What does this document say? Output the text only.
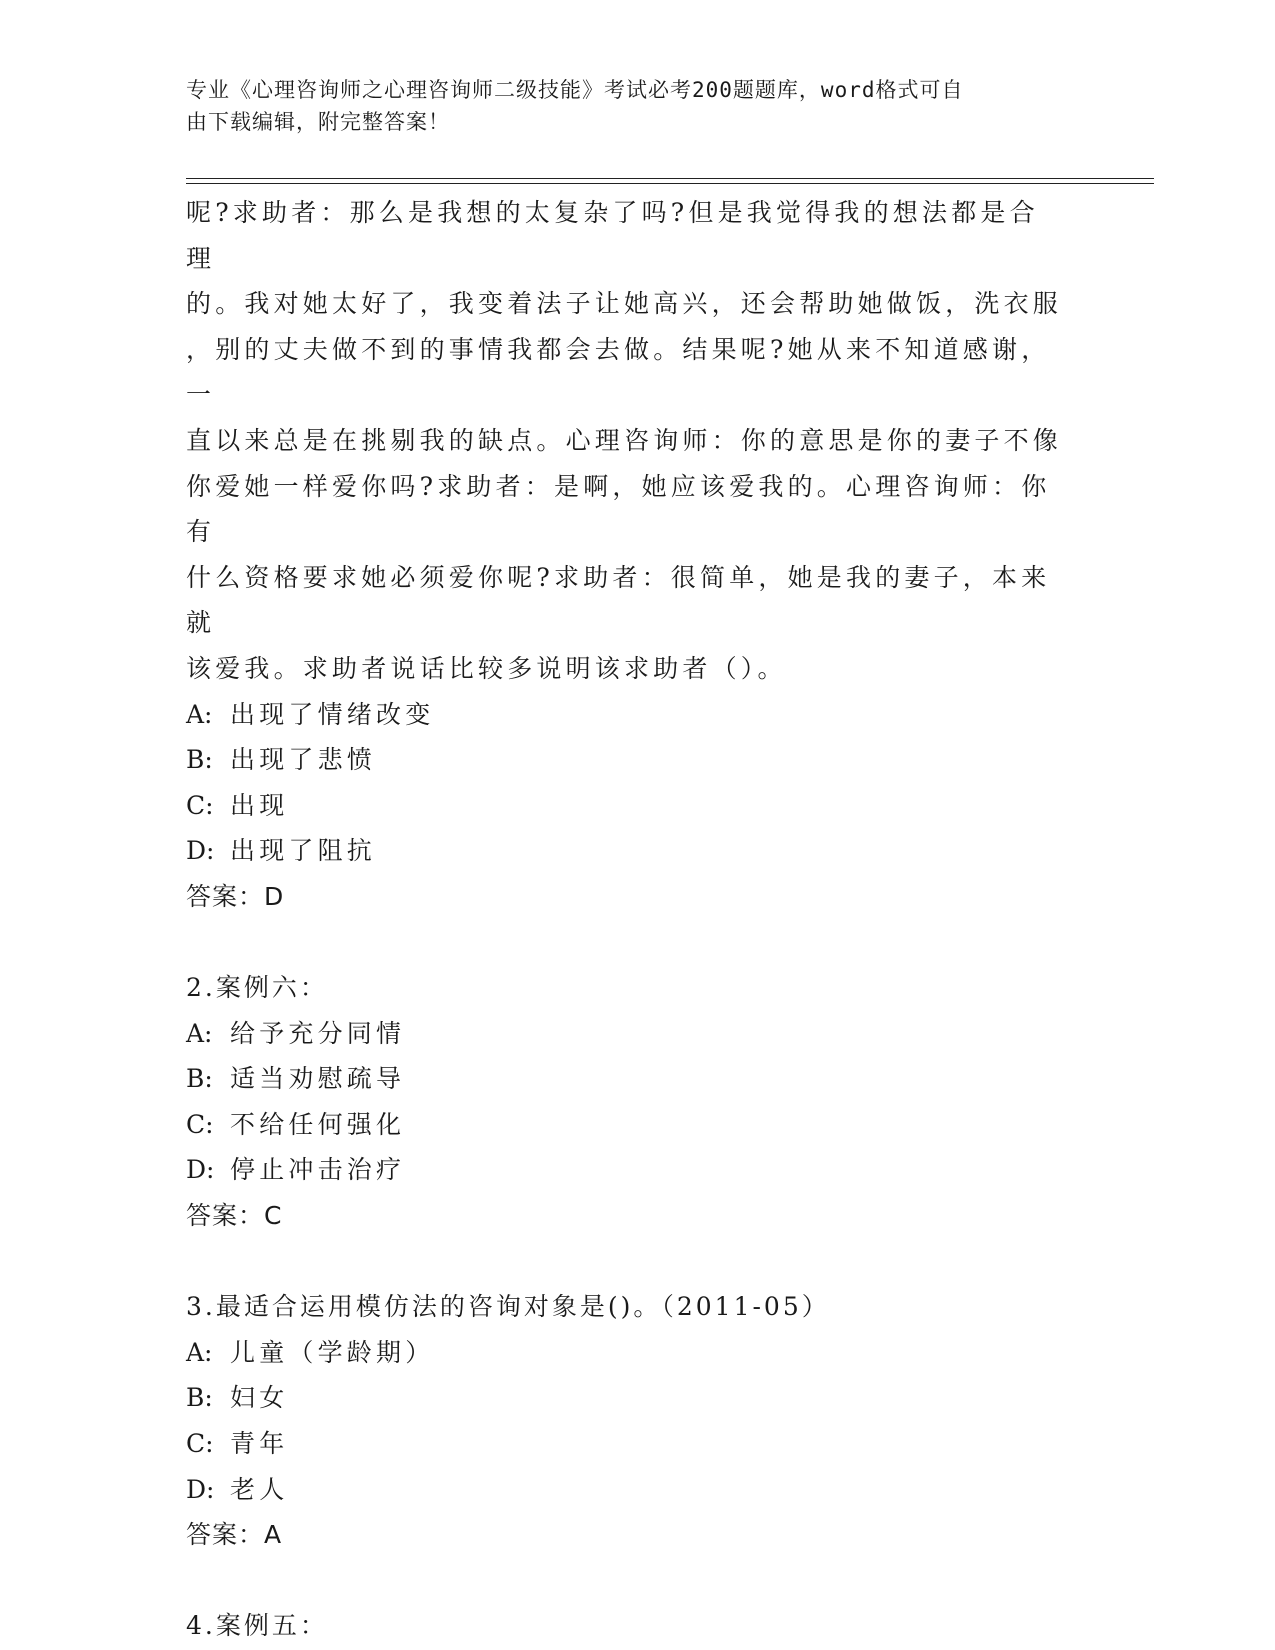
专业《心理咨询师之心理咨询师二级技能》考试必考200题题库，word格式可自
由下载编辑，附完整答案！

呢?求助者：那么是我想的太复杂了吗?但是我觉得我的想法都是合理

的。我对她太好了，我变着法子让她高兴，还会帮助她做饭，洗衣服

，别的丈夫做不到的事情我都会去做。结果呢?她从来不知道感谢，一

直以来总是在挑剔我的缺点。心理咨询师：你的意思是你的妻子不像

你爱她一样爱你吗?求助者：是啊，她应该爱我的。心理咨询师：你有

什么资格要求她必须爱你呢?求助者：很简单，她是我的妻子，本来就

该爱我。求助者说话比较多说明该求助者（）。

A: 出现了情绪改变

B: 出现了悲愤

C: 出现

D: 出现了阻抗

答案：D

2.案例六：

A: 给予充分同情

B: 适当劝慰疏导

C: 不给任何强化

D: 停止冲击治疗

答案：C

3.最适合运用模仿法的咨询对象是()。（2011-05）

A: 儿童（学龄期）

B: 妇女

C: 青年

D: 老人

答案：A

4.案例五：
